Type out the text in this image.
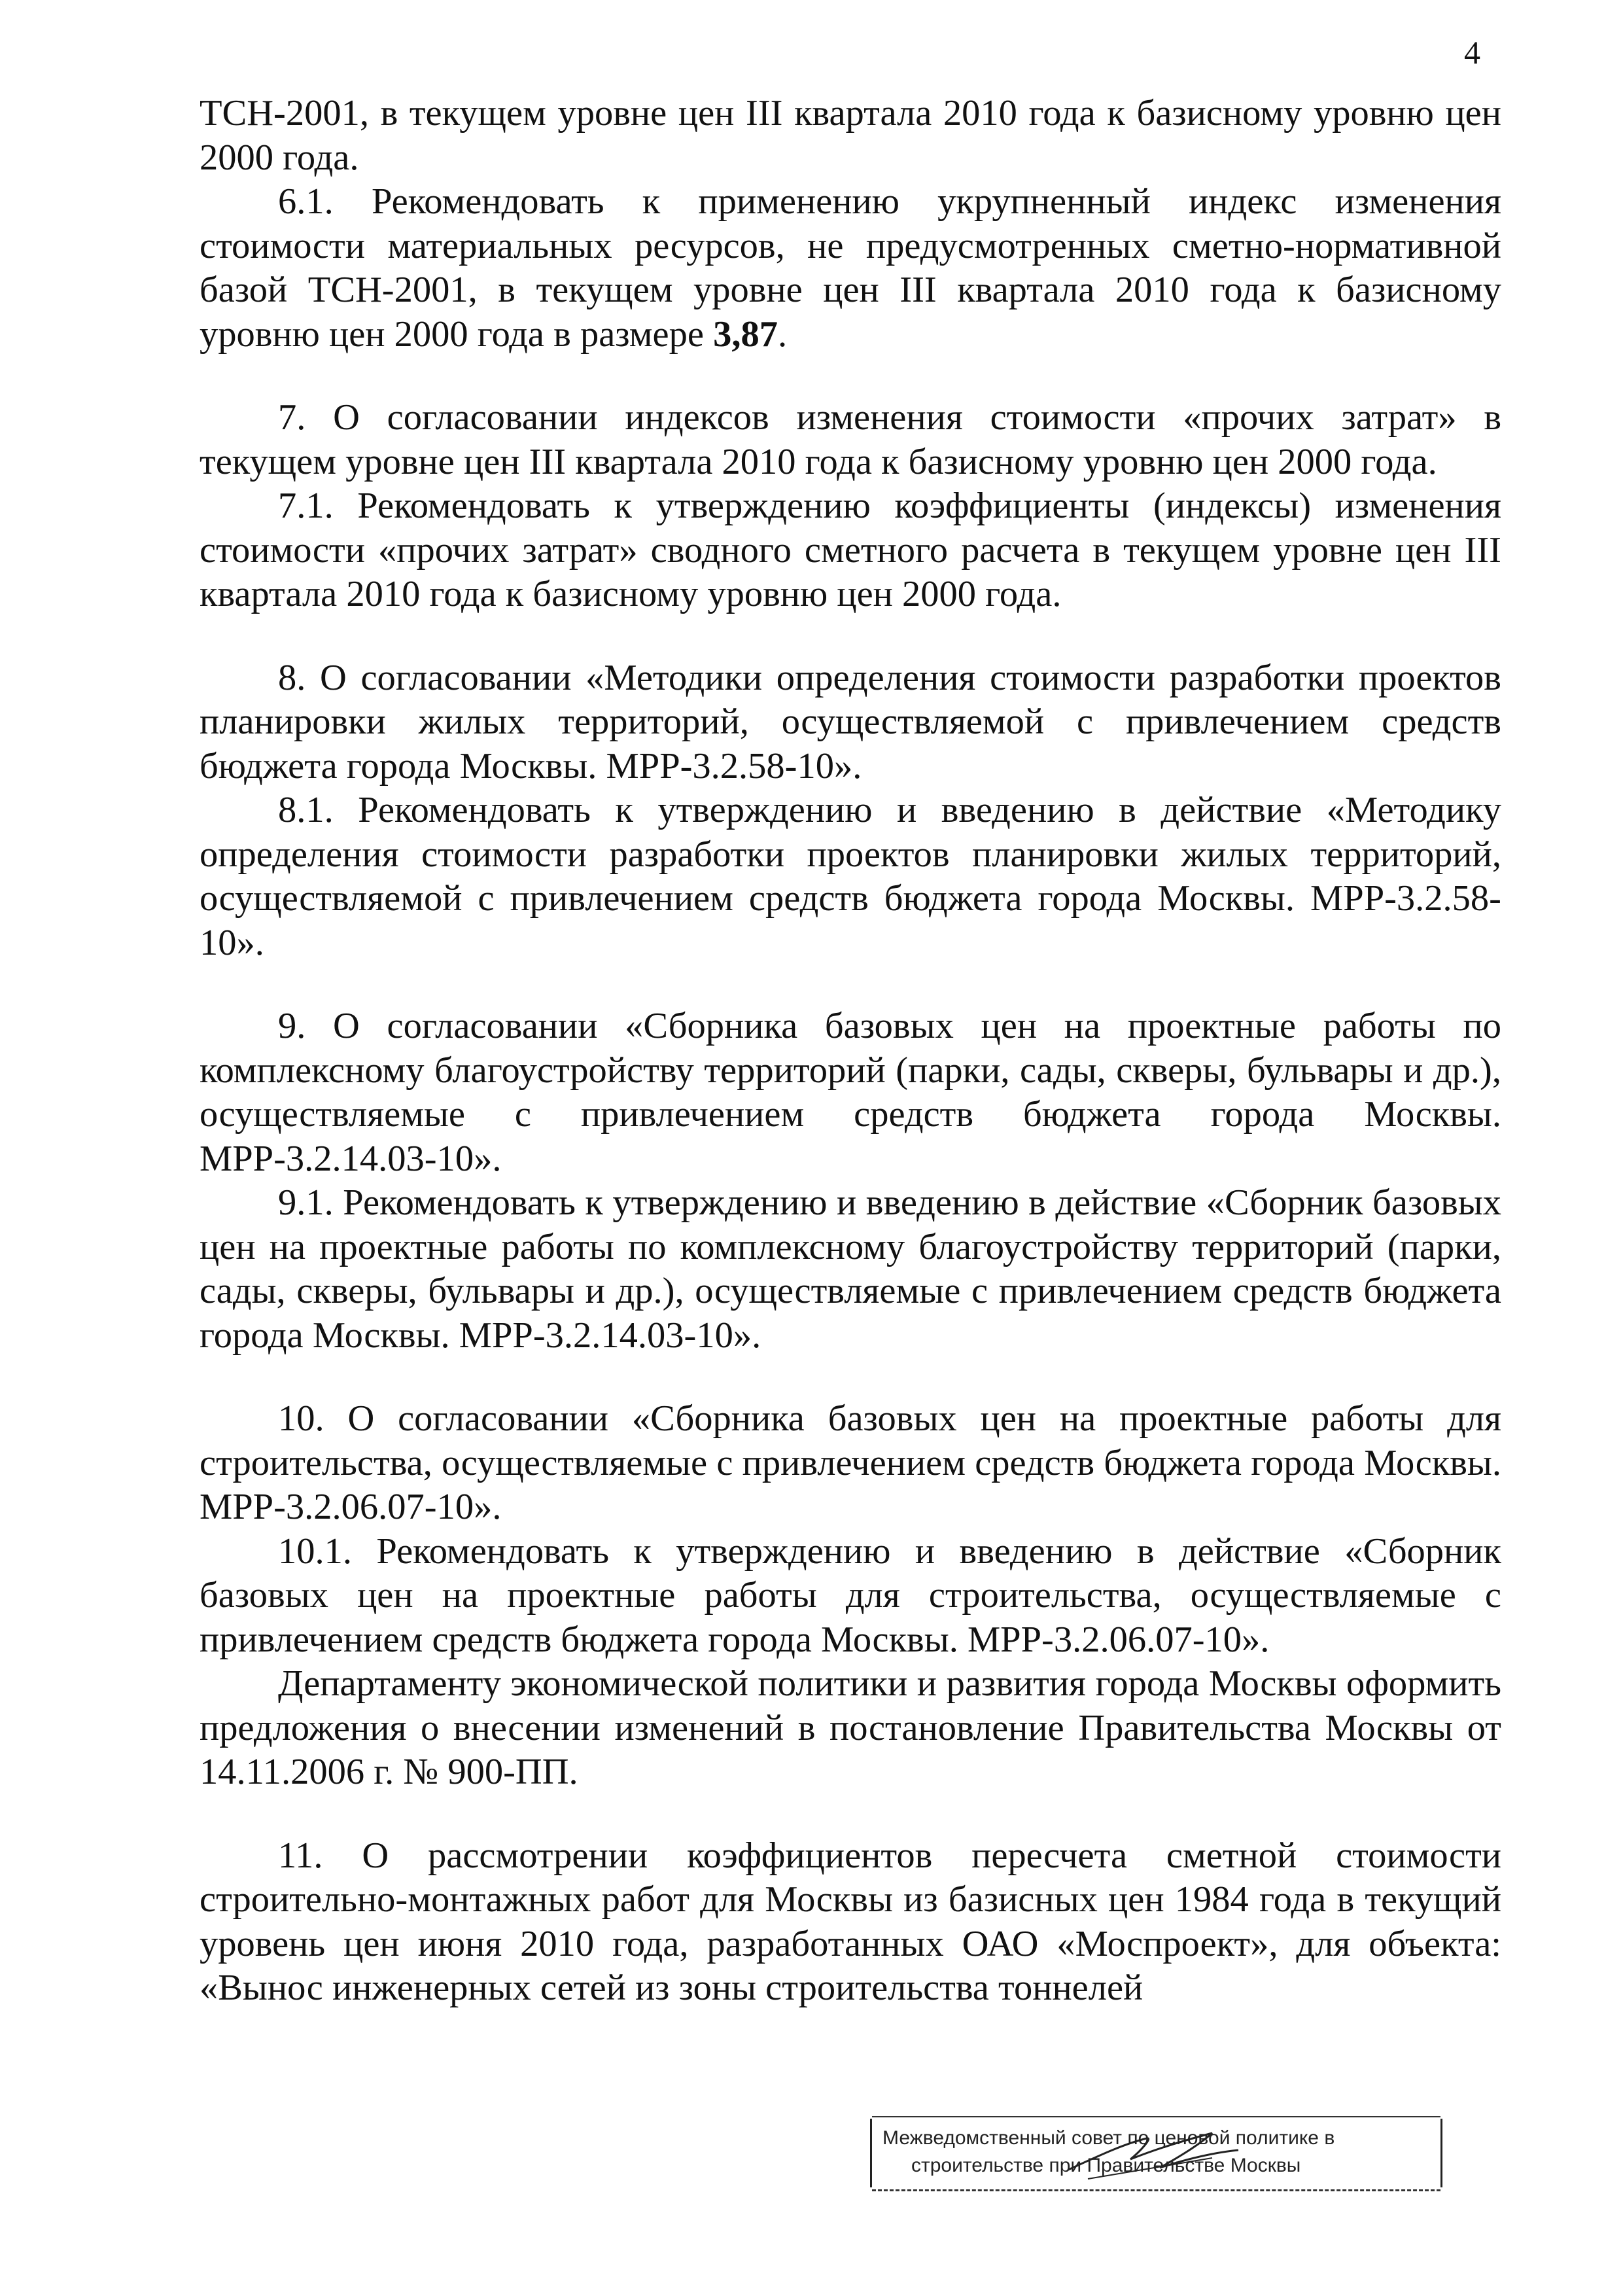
4

ТСН-2001, в текущем уровне цен III квартала 2010 года к базисному уровню цен 2000 года.

6.1. Рекомендовать к применению укрупненный индекс изменения стоимости материальных ресурсов, не предусмотренных сметно-нормативной базой ТСН-2001, в текущем уровне цен III квартала 2010 года к базисному уровню цен 2000 года в размере 3,87.

7. О согласовании индексов изменения стоимости «прочих затрат» в текущем уровне цен III квартала 2010 года к базисному уровню цен 2000 года.

7.1. Рекомендовать к утверждению коэффициенты (индексы) изменения стоимости «прочих затрат» сводного сметного расчета в текущем уровне цен III квартала 2010 года к базисному уровню цен 2000 года.

8. О согласовании «Методики определения стоимости разработки проектов планировки жилых территорий, осуществляемой с привлечением средств бюджета города Москвы. МРР-3.2.58-10».

8.1. Рекомендовать к утверждению и введению в действие «Методику определения стоимости разработки проектов планировки жилых территорий, осуществляемой с привлечением средств бюджета города Москвы. МРР-3.2.58-10».

9. О согласовании «Сборника базовых цен на проектные работы по комплексному благоустройству территорий (парки, сады, скверы, бульвары и др.), осуществляемые с привлечением средств бюджета города Москвы. МРР-3.2.14.03-10».

9.1. Рекомендовать к утверждению и введению в действие «Сборник базовых цен на проектные работы по комплексному благоустройству территорий (парки, сады, скверы, бульвары и др.), осуществляемые с привлечением средств бюджета города Москвы. МРР-3.2.14.03-10».

10. О согласовании «Сборника базовых цен на проектные работы для строительства, осуществляемые с привлечением средств бюджета города Москвы. МРР-3.2.06.07-10».

10.1. Рекомендовать к утверждению и введению в действие «Сборник базовых цен на проектные работы для строительства, осуществляемые с привлечением средств бюджета города Москвы. МРР-3.2.06.07-10».

Департаменту экономической политики и развития города Москвы оформить предложения о внесении изменений в постановление Правительства Москвы от 14.11.2006 г. № 900-ПП.

11. О рассмотрении коэффициентов пересчета сметной стоимости строительно-монтажных работ для Москвы из базисных цен 1984 года в текущий уровень цен июня 2010 года, разработанных ОАО «Моспроект», для объекта: «Вынос инженерных сетей из зоны строительства тоннелей

Межведомственный совет по ценовой политике в
строительстве при Правительстве Москвы
